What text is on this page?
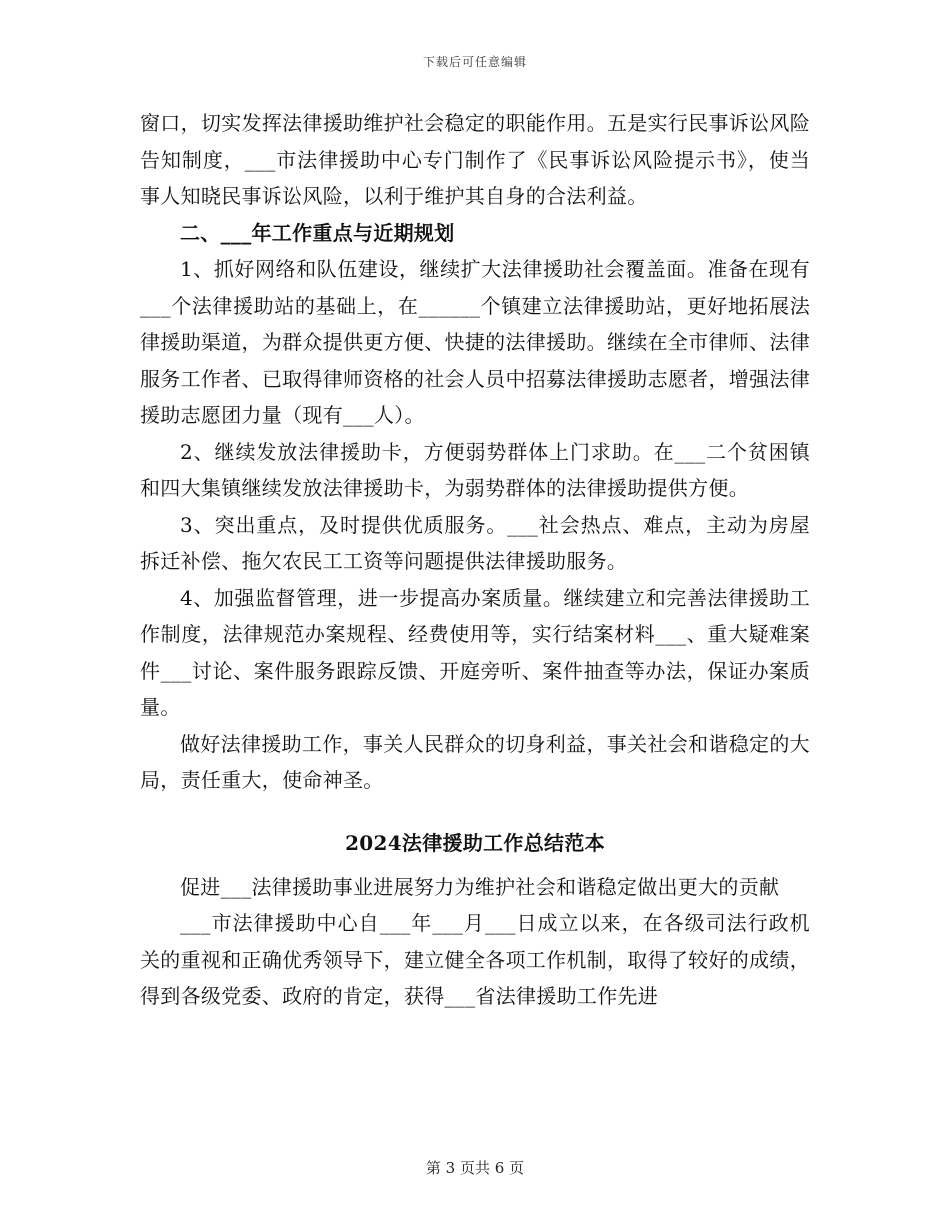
下载后可任意编辑

窗口，切实发挥法律援助维护社会稳定的职能作用。五是实行民事诉讼风险告知制度，___市法律援助中心专门制作了《民事诉讼风险提示书》，使当事人知晓民事诉讼风险，以利于维护其自身的合法利益。

二、___年工作重点与近期规划

1、抓好网络和队伍建设，继续扩大法律援助社会覆盖面。准备在现有___个法律援助站的基础上，在______个镇建立法律援助站，更好地拓展法律援助渠道，为群众提供更方便、快捷的法律援助。继续在全市律师、法律服务工作者、已取得律师资格的社会人员中招募法律援助志愿者，增强法律援助志愿团力量（现有___人）。

2、继续发放法律援助卡，方便弱势群体上门求助。在___二个贫困镇和四大集镇继续发放法律援助卡，为弱势群体的法律援助提供方便。

3、突出重点，及时提供优质服务。___社会热点、难点，主动为房屋拆迁补偿、拖欠农民工工资等问题提供法律援助服务。

4、加强监督管理，进一步提高办案质量。继续建立和完善法律援助工作制度，法律规范办案规程、经费使用等，实行结案材料___、重大疑难案件___讨论、案件服务跟踪反馈、开庭旁听、案件抽查等办法，保证办案质量。

做好法律援助工作，事关人民群众的切身利益，事关社会和谐稳定的大局，责任重大，使命神圣。

2024法律援助工作总结范本

促进___法律援助事业进展努力为维护社会和谐稳定做出更大的贡献

___市法律援助中心自___年___月___日成立以来，在各级司法行政机关的重视和正确优秀领导下，建立健全各项工作机制，取得了较好的成绩，得到各级党委、政府的肯定，获得___省法律援助工作先进

第 3 页共 6 页
